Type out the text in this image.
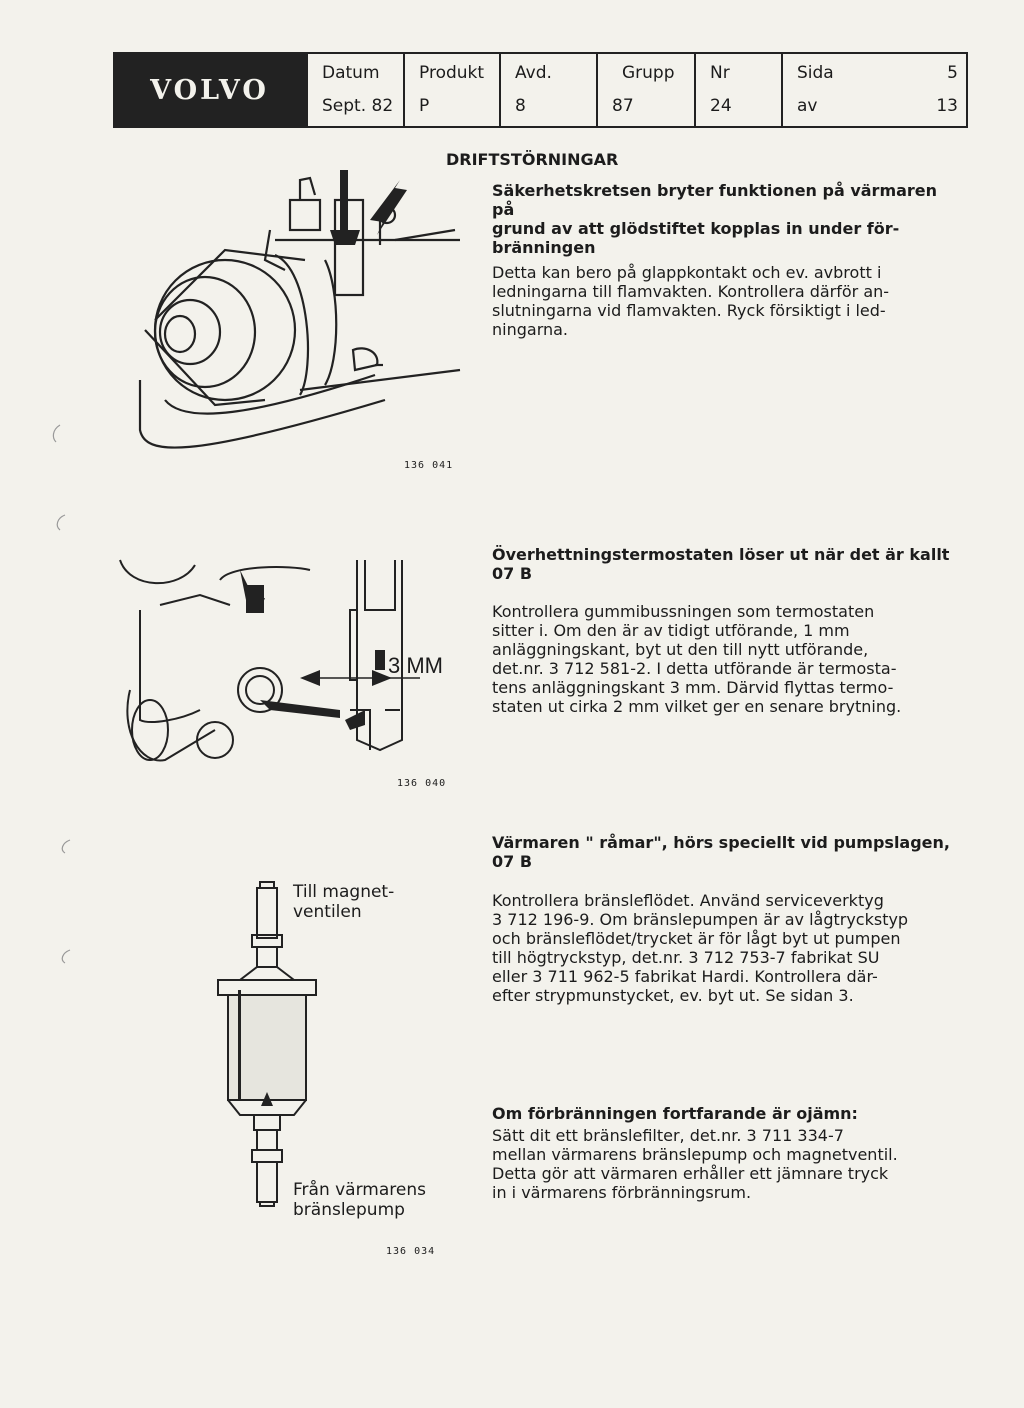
VOLVO
Datum
Sept. 82
Produkt
P
Avd.
8
Grupp
87
Nr
24
Sida	5
av	13
DRIFTSTÖRNINGAR
Säkerhetskretsen bryter funktionen på värmaren på
grund av att glödstiftet kopplas in under för-
bränningen
Detta kan bero på glappkontakt och ev. avbrott i
ledningarna till flamvakten. Kontrollera därför an-
slutningarna vid flamvakten. Ryck försiktigt i led-
ningarna.
136 041
Överhettningstermostaten löser ut när det är kallt
07 B
Kontrollera gummibussningen som termostaten
sitter i. Om den är av tidigt utförande, 1 mm
anläggningskant, byt ut den till nytt utförande,
det.nr. 3 712 581-2. I detta utförande är termosta-
tens anläggningskant 3 mm. Därvid flyttas termo-
staten ut cirka 2 mm vilket ger en senare brytning.
3 MM
136 040
Värmaren " råmar", hörs speciellt vid pumpslagen,
07 B
Kontrollera bränsleflödet. Använd serviceverktyg
3 712 196-9. Om bränslepumpen är av lågtryckstyp
och bränsleflödet/trycket är för lågt byt ut pumpen
till högtryckstyp, det.nr. 3 712 753-7 fabrikat SU
eller 3 711 962-5 fabrikat Hardi. Kontrollera där-
efter strypmunstycket, ev. byt ut. Se sidan 3.
Om förbränningen fortfarande är ojämn:
Sätt dit ett bränslefilter, det.nr. 3 711 334-7
mellan värmarens bränslepump och magnetventil.
Detta gör att värmaren erhåller ett jämnare tryck
in i värmarens förbränningsrum.
Till magnet-
ventilen
Från värmarens
bränslepump
136 034
